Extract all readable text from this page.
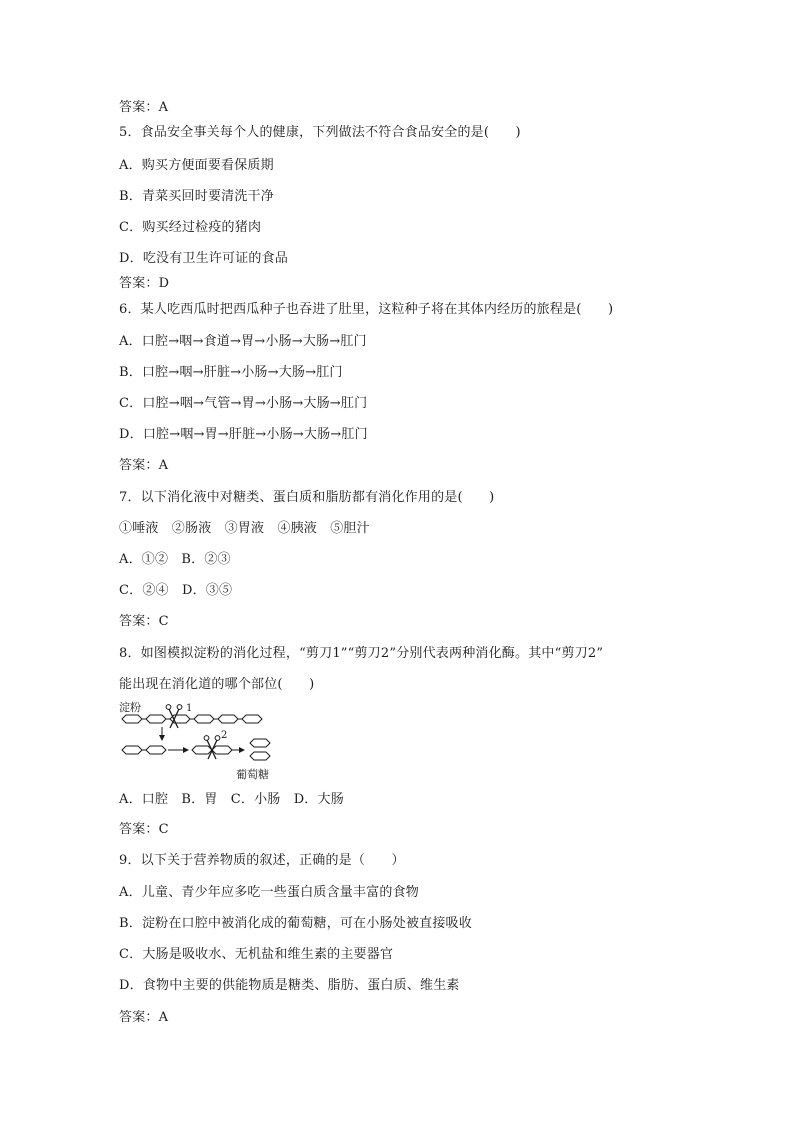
答案：A
5．食品安全事关每个人的健康，下列做法不符合食品安全的是(　　)
A．购买方便面要看保质期
B．青菜买回时要清洗干净
C．购买经过检疫的猪肉
D．吃没有卫生许可证的食品
答案：D
6．某人吃西瓜时把西瓜种子也吞进了肚里，这粒种子将在其体内经历的旅程是(　　)
A．口腔→咽→食道→胃→小肠→大肠→肛门
B．口腔→咽→肝脏→小肠→大肠→肛门
C．口腔→咽→气管→胃→小肠→大肠→肛门
D．口腔→咽→胃→肝脏→小肠→大肠→肛门
答案：A
7．以下消化液中对糖类、蛋白质和脂肪都有消化作用的是(　　)
①唾液　②肠液　③胃液　④胰液　⑤胆汁
A．①②　B．②③
C．②④　D．③⑤
答案：C
8．如图模拟淀粉的消化过程，“剪刀1”“剪刀2”分别代表两种消化酶。其中“剪刀2”
能出现在消化道的哪个部位(　　)
淀粉	1
2
葡萄糖
A．口腔　B．胃　C．小肠　D．大肠
答案：C
9．以下关于营养物质的叙述，正确的是（　　）
A．儿童、青少年应多吃一些蛋白质含量丰富的食物
B．淀粉在口腔中被消化成的葡萄糖，可在小肠处被直接吸收
C．大肠是吸收水、无机盐和维生素的主要器官
D．食物中主要的供能物质是糖类、脂肪、蛋白质、维生素
答案：A
